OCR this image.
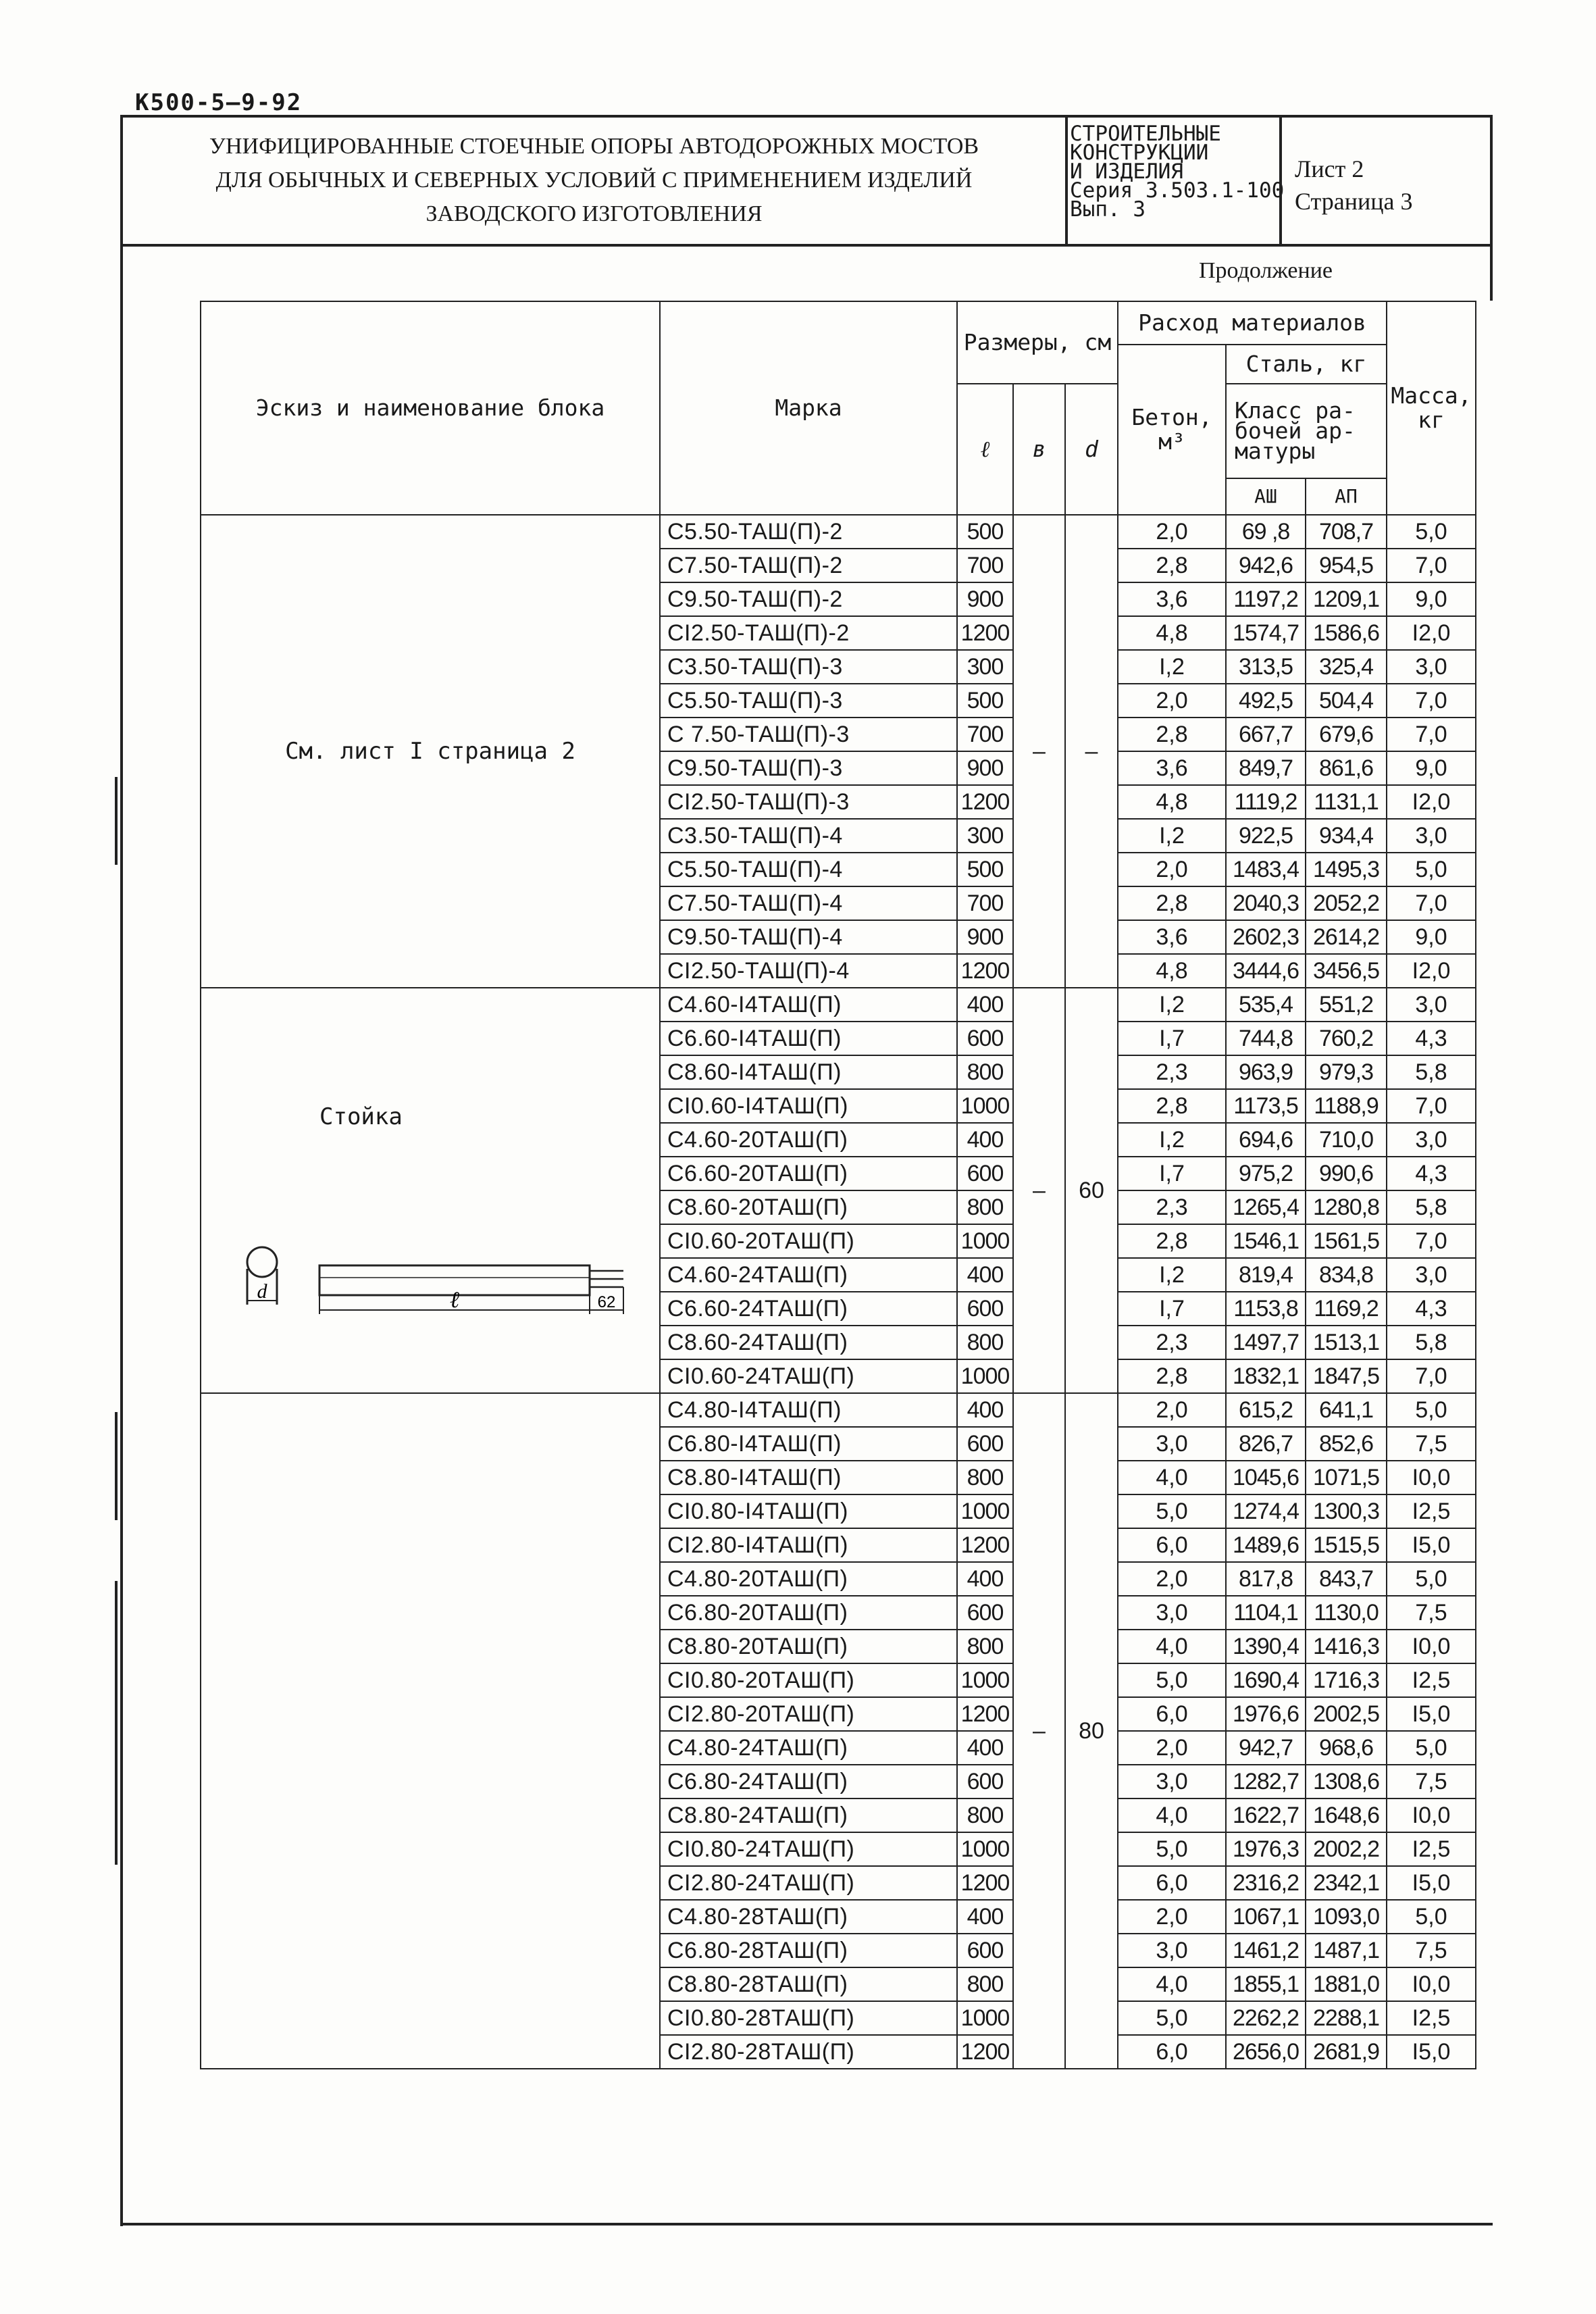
К500-5—9-92
УНИФИЦИРОВАННЫЕ СТОЕЧНЫЕ ОПОРЫ АВТОДОРОЖНЫХ МОСТОВ
ДЛЯ ОБЫЧНЫХ И СЕВЕРНЫХ УСЛОВИЙ С ПРИМЕНЕНИЕМ ИЗДЕЛИЙ
ЗАВОДСКОГО ИЗГОТОВЛЕНИЯ
СТРОИТЕЛЬНЫЕ
КОНСТРУКЦИИ
И ИЗДЕЛИЯ
Серия 3.503.1-100
Вып. 3
Лист 2
Страница 3
Продолжение
Эскиз и наименование блока	Марка	Размеры, см			Расход материалов			Масса, кг
					Бетон, м³	Сталь, кг		
		ℓ	в	d		Класс ра- бочей ар- матуры		
						АШ	АП	
См. лист I страница 2	С5.50-ТАШ(П)-2	500	–	–	2,0	69 ,8	708,7	5,0
	С7.50-ТАШ(П)-2	700			2,8	942,6	954,5	7,0
	С9.50-ТАШ(П)-2	900			3,6	1197,2	1209,1	9,0
	СI2.50-ТАШ(П)-2	1200			4,8	1574,7	1586,6	I2,0
	С3.50-ТАШ(П)-3	300			I,2	313,5	325,4	3,0
	С5.50-ТАШ(П)-3	500			2,0	492,5	504,4	7,0
	С 7.50-ТАШ(П)-3	700			2,8	667,7	679,6	7,0
	С9.50-ТАШ(П)-3	900			3,6	849,7	861,6	9,0
	СI2.50-ТАШ(П)-3	1200			4,8	1119,2	1131,1	I2,0
	С3.50-ТАШ(П)-4	300			I,2	922,5	934,4	3,0
	С5.50-ТАШ(П)-4	500			2,0	1483,4	1495,3	5,0
	С7.50-ТАШ(П)-4	700			2,8	2040,3	2052,2	7,0
	С9.50-ТАШ(П)-4	900			3,6	2602,3	2614,2	9,0
	СI2.50-ТАШ(П)-4	1200			4,8	3444,6	3456,5	I2,0

Стойка
d ℓ 62	С4.60-I4ТАШ(П)	400	–	60	I,2	535,4	551,2	3,0
	С6.60-I4ТАШ(П)	600			I,7	744,8	760,2	4,3
	С8.60-I4ТАШ(П)	800			2,3	963,9	979,3	5,8
	СI0.60-I4ТАШ(П)	1000			2,8	1173,5	1188,9	7,0
	С4.60-20ТАШ(П)	400			I,2	694,6	710,0	3,0
	С6.60-20ТАШ(П)	600			I,7	975,2	990,6	4,3
	С8.60-20ТАШ(П)	800			2,3	1265,4	1280,8	5,8
	СI0.60-20ТАШ(П)	1000			2,8	1546,1	1561,5	7,0
	С4.60-24ТАШ(П)	400			I,2	819,4	834,8	3,0
	С6.60-24ТАШ(П)	600			I,7	1153,8	1169,2	4,3
	С8.60-24ТАШ(П)	800			2,3	1497,7	1513,1	5,8
	СI0.60-24ТАШ(П)	1000			2,8	1832,1	1847,5	7,0
	С4.80-I4ТАШ(П)	400	–	80	2,0	615,2	641,1	5,0
	С6.80-I4ТАШ(П)	600			3,0	826,7	852,6	7,5
	С8.80-I4ТАШ(П)	800			4,0	1045,6	1071,5	I0,0
	СI0.80-I4ТАШ(П)	1000			5,0	1274,4	1300,3	I2,5
	СI2.80-I4ТАШ(П)	1200			6,0	1489,6	1515,5	I5,0
	С4.80-20ТАШ(П)	400			2,0	817,8	843,7	5,0
	С6.80-20ТАШ(П)	600			3,0	1104,1	1130,0	7,5
	С8.80-20ТАШ(П)	800			4,0	1390,4	1416,3	I0,0
	СI0.80-20ТАШ(П)	1000			5,0	1690,4	1716,3	I2,5
	СI2.80-20ТАШ(П)	1200			6,0	1976,6	2002,5	I5,0
	С4.80-24ТАШ(П)	400			2,0	942,7	968,6	5,0
	С6.80-24ТАШ(П)	600			3,0	1282,7	1308,6	7,5
	С8.80-24ТАШ(П)	800			4,0	1622,7	1648,6	I0,0
	СI0.80-24ТАШ(П)	1000			5,0	1976,3	2002,2	I2,5
	СI2.80-24ТАШ(П)	1200			6,0	2316,2	2342,1	I5,0
	С4.80-28ТАШ(П)	400			2,0	1067,1	1093,0	5,0
	С6.80-28ТАШ(П)	600			3,0	1461,2	1487,1	7,5
	С8.80-28ТАШ(П)	800			4,0	1855,1	1881,0	I0,0
	СI0.80-28ТАШ(П)	1000			5,0	2262,2	2288,1	I2,5
	СI2.80-28ТАШ(П)	1200			6,0	2656,0	2681,9	I5,0
